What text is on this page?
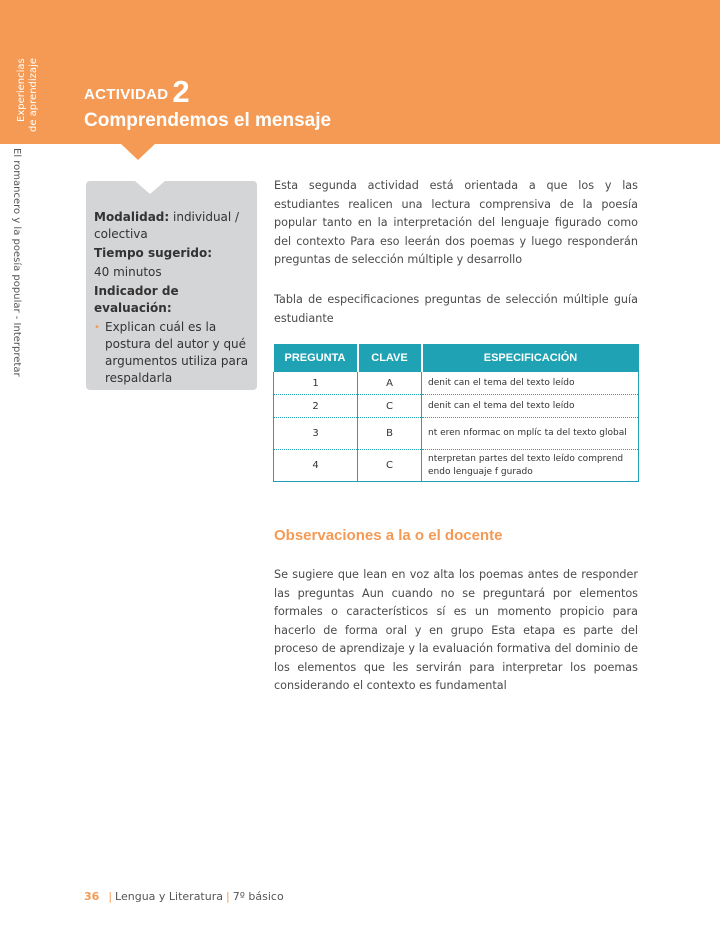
Experiencias de aprendizaje
El romancero y la poesía popular - Interpretar
ACTIVIDAD 2
Comprendemos el mensaje

Modalidad: individual / colectiva

Tiempo sugerido:

40 minutos

Indicador de evaluación:

• Explican cuál es la postura del autor y qué argumentos utiliza para respaldarla
Esta segunda actividad está orientada a que los y las estudiantes realicen una lectura comprensiva de la poesía popular tanto en la interpretación del lenguaje figurado como del contexto Para eso leerán dos poemas y luego responderán preguntas de selección múltiple y desarrollo
Tabla de especificaciones preguntas de selección múltiple guía estudiante
PREGUNTA	CLAVE	ESPECIFICACIÓN
1	A	denit can el tema del texto leído
2	C	denit can el tema del texto leído
3	B	nt eren nformac on mplíc ta del texto global
4	C	nterpretan partes del texto leído comprend endo lenguaje f gurado
Observaciones a la o el docente
Se sugiere que lean en voz alta los poemas antes de responder las preguntas Aun cuando no se preguntará por elementos formales o característicos sí es un momento propicio para hacerlo de forma oral y en grupo Esta etapa es parte del proceso de aprendizaje y la evaluación formativa del dominio de los elementos que les servirán para interpretar los poemas considerando el contexto es fundamental
36 | Lengua y Literatura | 7º básico
